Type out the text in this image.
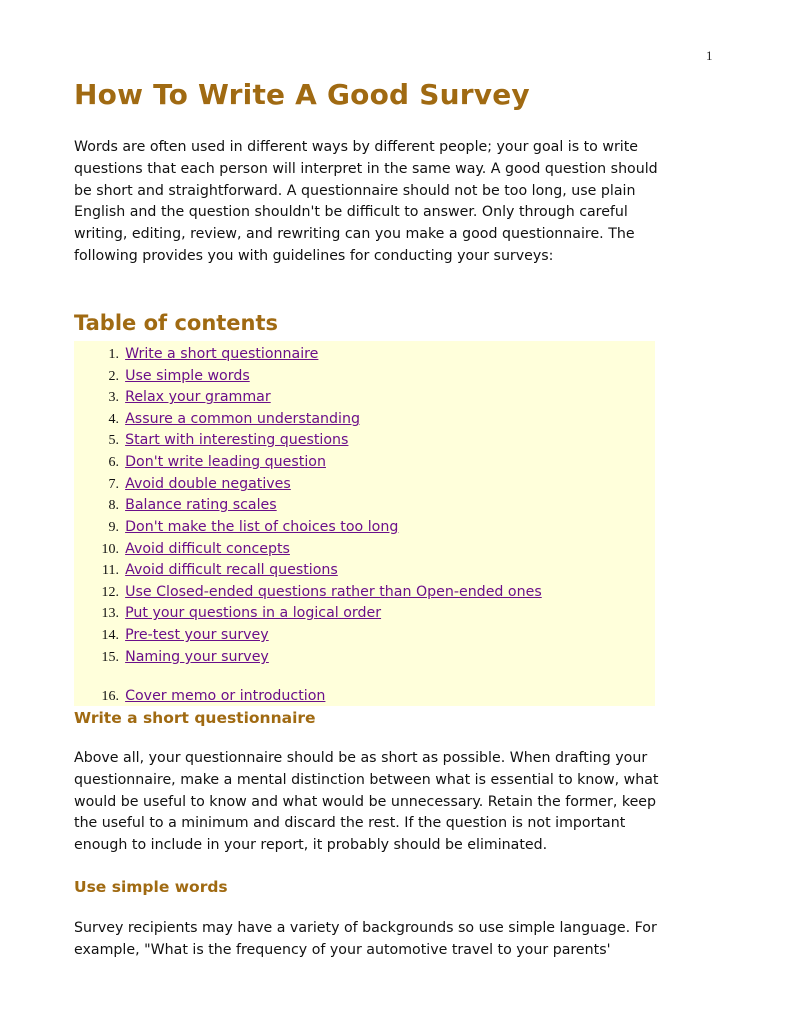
1
How To Write A Good Survey

Words are often used in different ways by different people; your goal is to write questions that each person will interpret in the same way. A good question should be short and straightforward. A questionnaire should not be too long, use plain English and the question shouldn't be difficult to answer. Only through careful writing, editing, review, and rewriting can you make a good questionnaire. The following provides you with guidelines for conducting your surveys:

Table of contents
1. Write a short questionnaire
2. Use simple words
3. Relax your grammar
4. Assure a common understanding
5. Start with interesting questions
6. Don't write leading question
7. Avoid double negatives
8. Balance rating scales
9. Don't make the list of choices too long
10. Avoid difficult concepts
11. Avoid difficult recall questions
12. Use Closed-ended questions rather than Open-ended ones
13. Put your questions in a logical order
14. Pre-test your survey
15. Naming your survey
16. Cover memo or introduction
Write a short questionnaire

Above all, your questionnaire should be as short as possible. When drafting your questionnaire, make a mental distinction between what is essential to know, what would be useful to know and what would be unnecessary. Retain the former, keep the useful to a minimum and discard the rest. If the question is not important enough to include in your report, it probably should be eliminated.

Use simple words

Survey recipients may have a variety of backgrounds so use simple language. For example, "What is the frequency of your automotive travel to your parents'
